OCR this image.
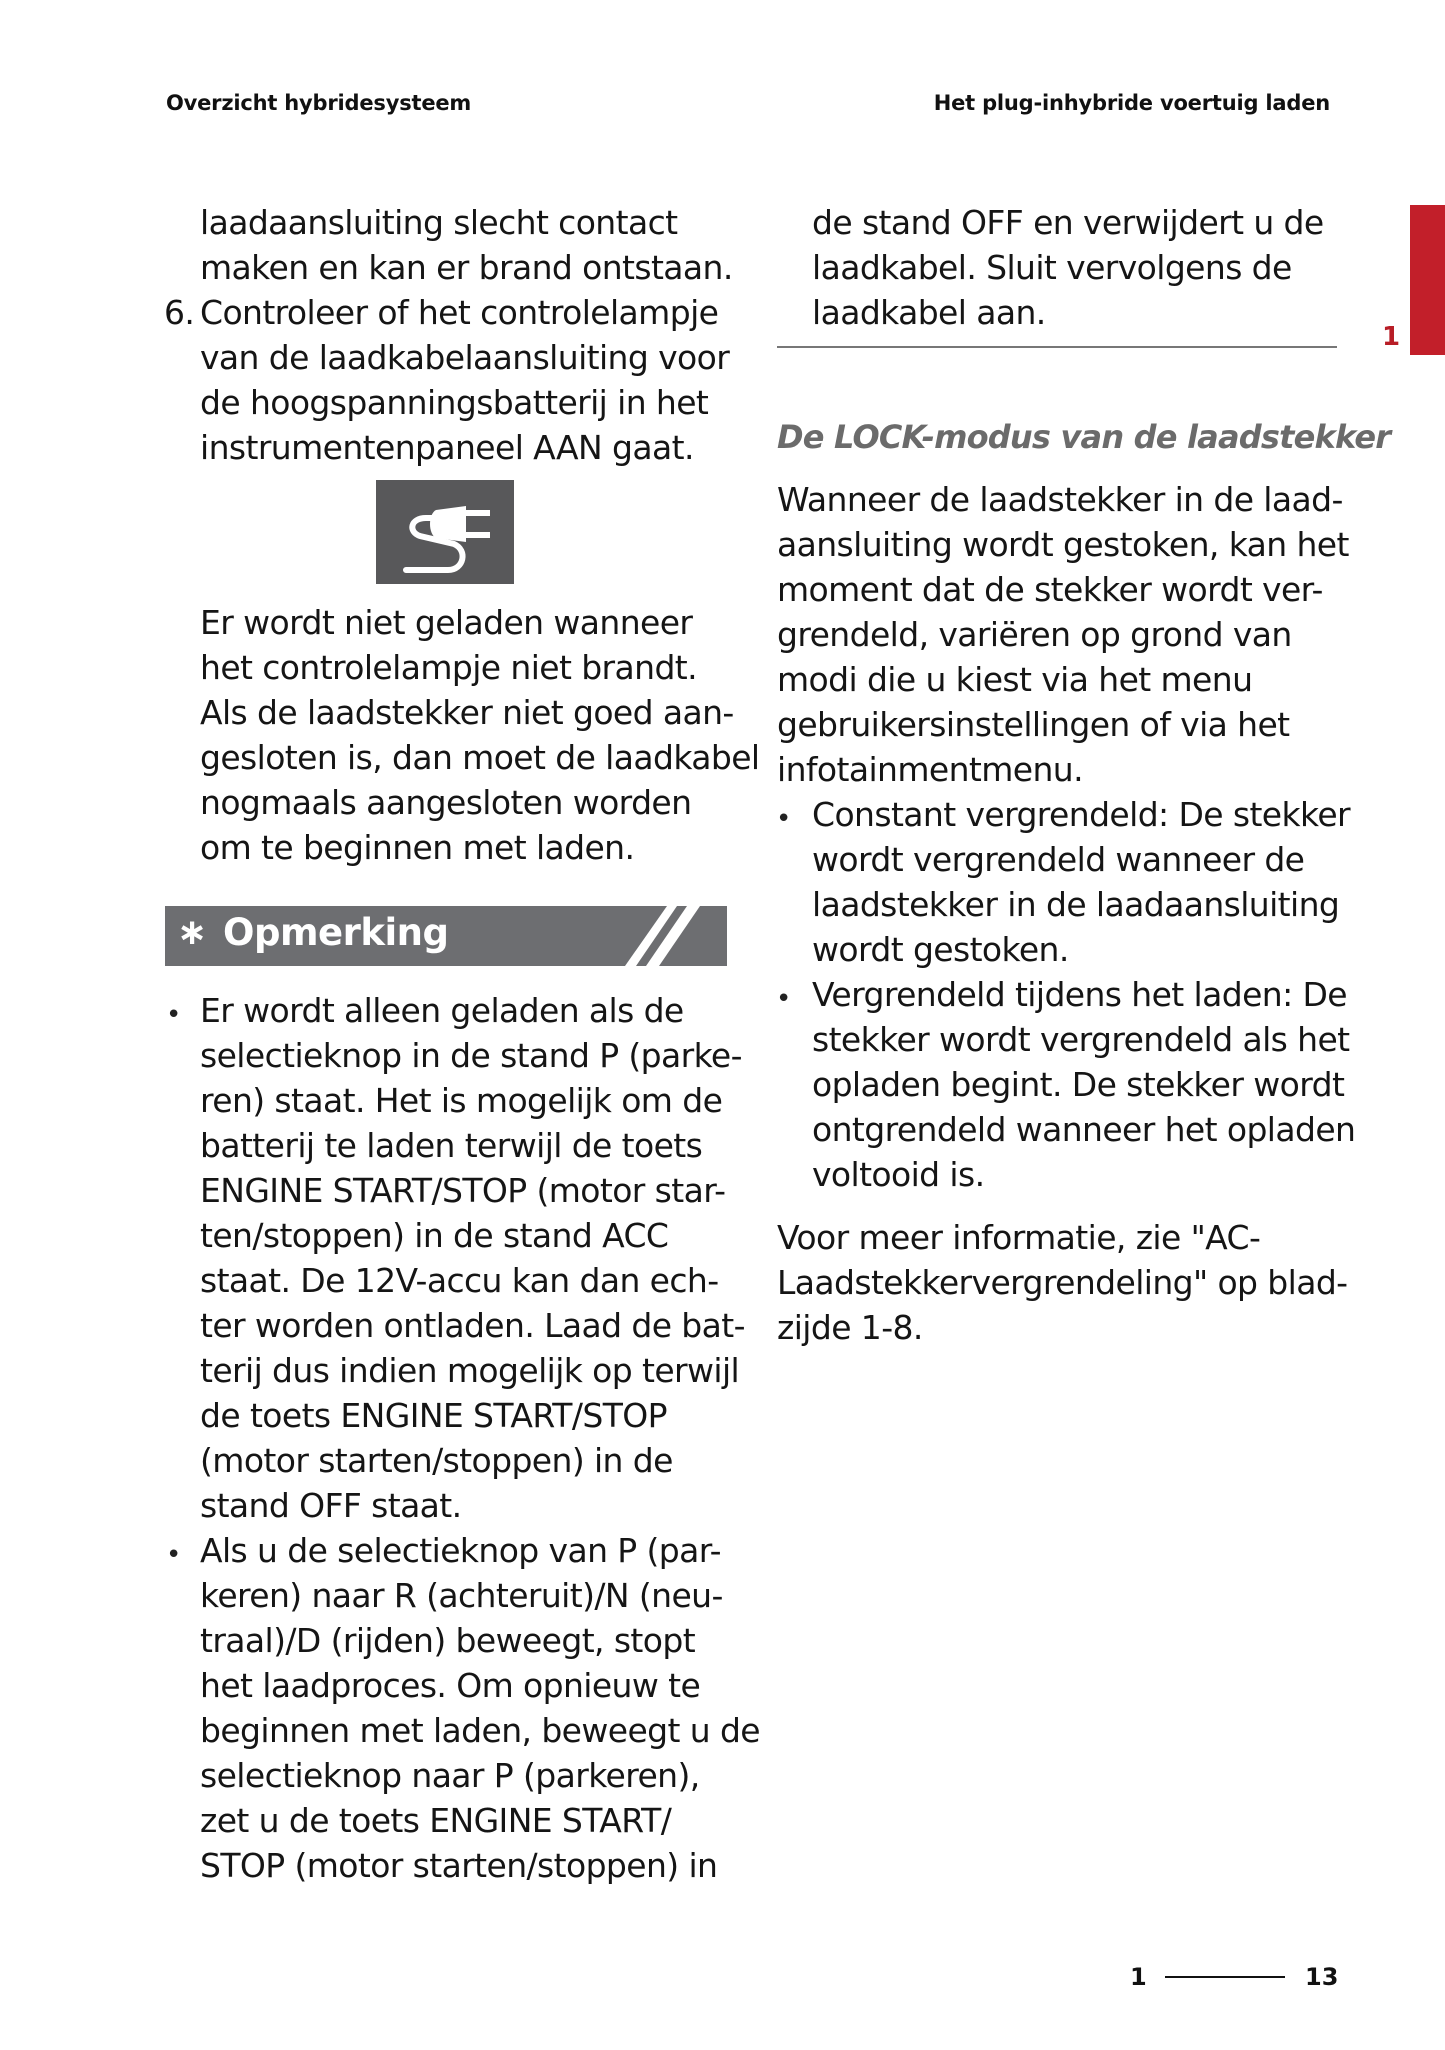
Overzicht hybridesysteem	Het plug-inhybride voertuig laden
1
laadaansluiting slecht contact
maken en kan er brand ontstaan.
6. Controleer of het controlelampje
van de laadkabelaansluiting voor
de hoogspanningsbatterij in het
instrumentenpaneel AAN gaat.
Er wordt niet geladen wanneer
het controlelampje niet brandt.
Als de laadstekker niet goed aan-
gesloten is, dan moet de laadkabel
nogmaals aangesloten worden
om te beginnen met laden.
∗ Opmerking
• Er wordt alleen geladen als de
selectieknop in de stand P (parke-
ren) staat. Het is mogelijk om de
batterij te laden terwijl de toets
ENGINE START/STOP (motor star-
ten/stoppen) in de stand ACC
staat. De 12V-accu kan dan ech-
ter worden ontladen. Laad de bat-
terij dus indien mogelijk op terwijl
de toets ENGINE START/STOP
(motor starten/stoppen) in de
stand OFF staat.
• Als u de selectieknop van P (par-
keren) naar R (achteruit)/N (neu-
traal)/D (rijden) beweegt, stopt
het laadproces. Om opnieuw te
beginnen met laden, beweegt u de
selectieknop naar P (parkeren),
zet u de toets ENGINE START/
STOP (motor starten/stoppen) in
de stand OFF en verwijdert u de
laadkabel. Sluit vervolgens de
laadkabel aan.
De LOCK-modus van de laadstekker
Wanneer de laadstekker in de laad-
aansluiting wordt gestoken, kan het
moment dat de stekker wordt ver-
grendeld, variëren op grond van
modi die u kiest via het menu
gebruikersinstellingen of via het
infotainmentmenu.
• Constant vergrendeld: De stekker
wordt vergrendeld wanneer de
laadstekker in de laadaansluiting
wordt gestoken.
• Vergrendeld tijdens het laden: De
stekker wordt vergrendeld als het
opladen begint. De stekker wordt
ontgrendeld wanneer het opladen
voltooid is.
Voor meer informatie, zie "AC-
Laadstekkervergrendeling" op blad-
zijde 1-8.
1	13
